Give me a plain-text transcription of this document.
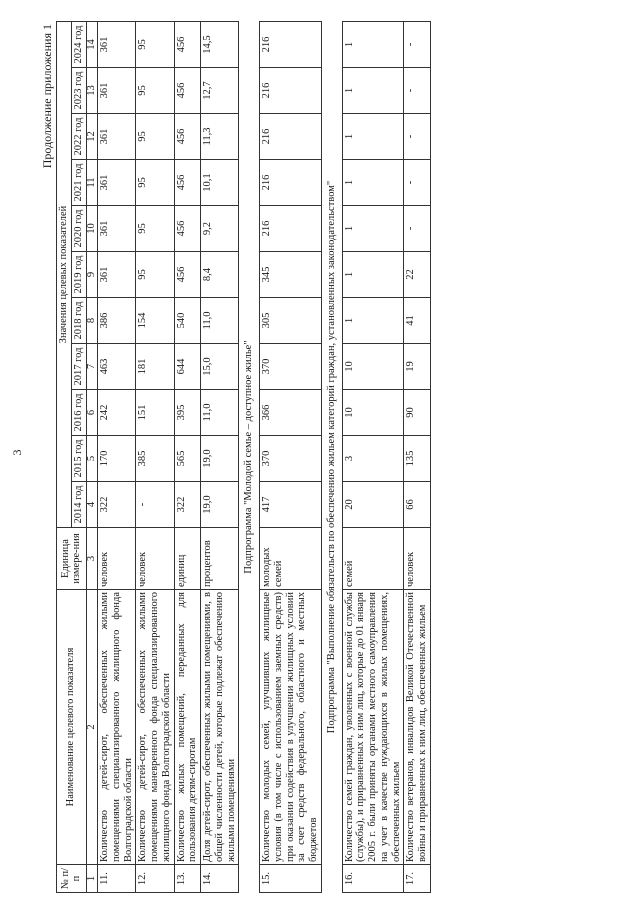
3
Продолжение приложения 1
№ п/п	Наименование целевого показателя	Единица измере-ния	Значения целевых показателей										
			2014 год	2015 год	2016 год	2017 год	2018 год	2019 год	2020 год	2021 год	2022 год	2023 год	2024 год
1	2	3	4	5	6	7	8	9	10	11	12	13	14
11.	Количество детей-сирот, обеспеченных жилыми помещениями специализированного жилищного фонда Волгоградской области	человек	322	170	242	463	386	361	361	361	361	361	361
12.	Количество детей-сирот, обеспеченных жилыми помещениями маневренного фонда специализированного жилищного фонда Волгоградской области	человек	-	385	151	181	154	95	95	95	95	95	95
13.	Количество жилых помещений, переданных для пользования детям-сиротам	единиц	322	565	395	644	540	456	456	456	456	456	456
14.	Доля детей-сирот, обеспеченных жилыми помещениями, в общей численности детей, которые подлежат обеспечению жилыми помещениями	процентов	19,0	19,0	11,0	15,0	11,0	8,4	9,2	10,1	11,3	12,7	14,5
Подпрограмма "Молодой семье – доступное жилье"													
15.	Количество молодых семей, улучшивших жилищные условия (в том числе с использованием заемных средств) при оказании содействия в улучшении жилищных условий за счет средств федерального, областного и местных бюджетов	молодых семей	417	370	366	370	305	345	216	216	216	216	216
Подпрограмма "Выполнение обязательств по обеспечению жильем категорий граждан, установленных законодательством"													
16.	Количество семей граждан, уволенных с военной службы (службы), и приравненных к ним лиц, которые до 01 января 2005 г. были приняты органами местного самоуправления на учет в качестве нуждающихся в жилых помещениях, обеспеченных жильем	семей	20	3	10	10	1	1	1	1	1	1	1
17.	Количество ветеранов, инвалидов Великой Отечественной войны и приравненных к ним лиц, обеспеченных жильем	человек	66	135	90	19	41	22	-	-	-	-	-
